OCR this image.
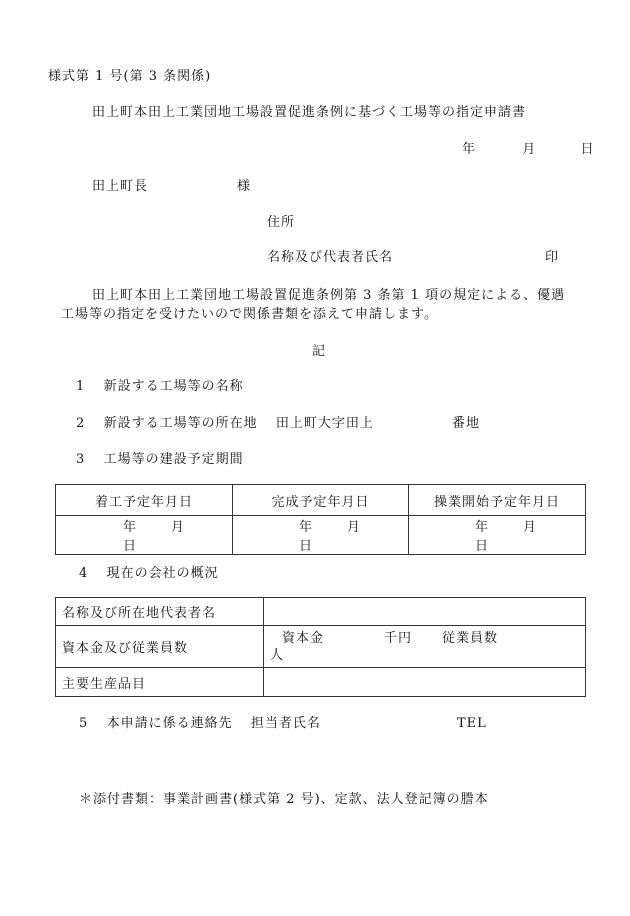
様式第 1 号(第 3 条関係)
田上町本田上工業団地工場設置促進条例に基づく工場等の指定申請書
年	月	日
田上町長	様
住所
名称及び代表者氏名	印
田上町本田上工業団地工場設置促進条例第 3 条第 1 項の規定による、優遇
工場等の指定を受けたいので関係書類を添えて申請します。
記
1 新設する工場等の名称
2 新設する工場等の所在地 田上町大字田上	番地
3 工場等の建設予定期間
着工予定年月日	完成予定年月日	操業開始予定年月日
年 月日	年 月日	年 月日
4 現在の会社の概況
名称及び所在地代表者名	
資本金及び従業員数	資本金 千円 従業員数
人

主要生産品目	
5 本申請に係る連絡先 担当者氏名	TEL
＊添付書類：事業計画書(様式第 2 号)、定款、法人登記簿の謄本
